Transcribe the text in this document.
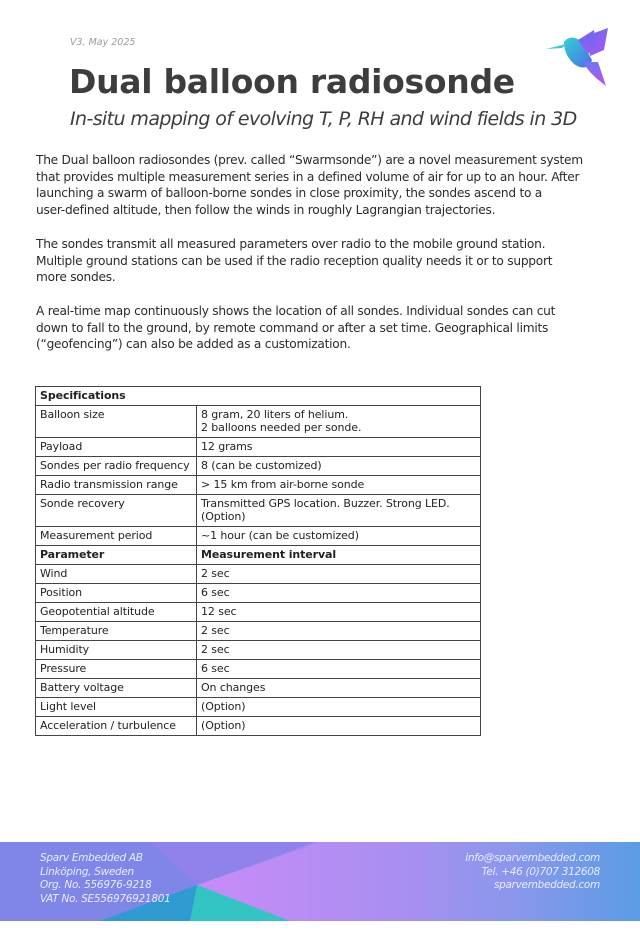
V3, May 2025
Dual balloon radiosonde
In-situ mapping of evolving T, P, RH and wind fields in 3D
The Dual balloon radiosondes (prev. called “Swarmsonde”) are a novel measurement system
that provides multiple measurement series in a defined volume of air for up to an hour. After
launching a swarm of balloon-borne sondes in close proximity, the sondes ascend to a
user-defined altitude, then follow the winds in roughly Lagrangian trajectories.
The sondes transmit all measured parameters over radio to the mobile ground station.
Multiple ground stations can be used if the radio reception quality needs it or to support
more sondes.
A real-time map continuously shows the location of all sondes. Individual sondes can cut
down to fall to the ground, by remote command or after a set time. Geographical limits
(“geofencing”) can also be added as a customization.
Specifications	
Balloon size	8 gram, 20 liters of helium.
2 balloons needed per sonde.

Payload	12 grams
Sondes per radio frequency	8 (can be customized)
Radio transmission range	> 15 km from air-borne sonde
Sonde recovery	Transmitted GPS location. Buzzer. Strong LED.
(Option)

Measurement period	~1 hour (can be customized)
Parameter	Measurement interval
Wind	2 sec
Position	6 sec
Geopotential altitude	12 sec
Temperature	2 sec
Humidity	2 sec
Pressure	6 sec
Battery voltage	On changes
Light level	(Option)
Acceleration / turbulence	(Option)
Sparv Embedded AB
Linköping, Sweden
Org. No. 556976-9218
VAT No. SE556976921801
info@sparvembedded.com
Tel. +46 (0)707 312608
sparvembedded.com
